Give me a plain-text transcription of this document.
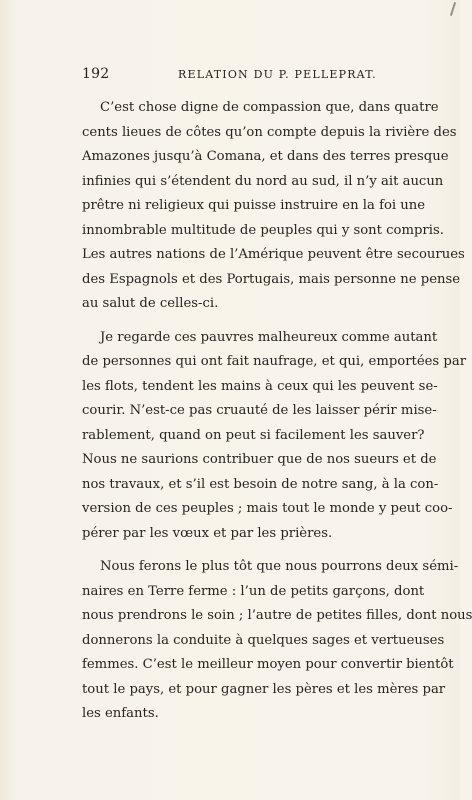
192	RELATION DU P. PELLEPRAT.
C’est chose digne de compassion que, dans quatre
cents lieues de côtes qu’on compte depuis la rivière des
Amazones jusqu’à Comana, et dans des terres presque
infinies qui s’étendent du nord au sud, il n’y ait aucun
prêtre ni religieux qui puisse instruire en la foi une
innombrable multitude de peuples qui y sont compris.
Les autres nations de l’Amérique peuvent être secourues
des Espagnols et des Portugais, mais personne ne pense
au salut de celles-ci.
Je regarde ces pauvres malheureux comme autant
de personnes qui ont fait naufrage, et qui, emportées par
les flots, tendent les mains à ceux qui les peuvent se-
courir. N’est-ce pas cruauté de les laisser périr mise-
rablement, quand on peut si facilement les sauver?
Nous ne saurions contribuer que de nos sueurs et de
nos travaux, et s’il est besoin de notre sang, à la con-
version de ces peuples ; mais tout le monde y peut coo-
pérer par les vœux et par les prières.
Nous ferons le plus tôt que nous pourrons deux sémi-
naires en Terre ferme : l’un de petits garçons, dont
nous prendrons le soin ; l’autre de petites filles, dont nous
donnerons la conduite à quelques sages et vertueuses
femmes. C’est le meilleur moyen pour convertir bientôt
tout le pays, et pour gagner les pères et les mères par
les enfants.
